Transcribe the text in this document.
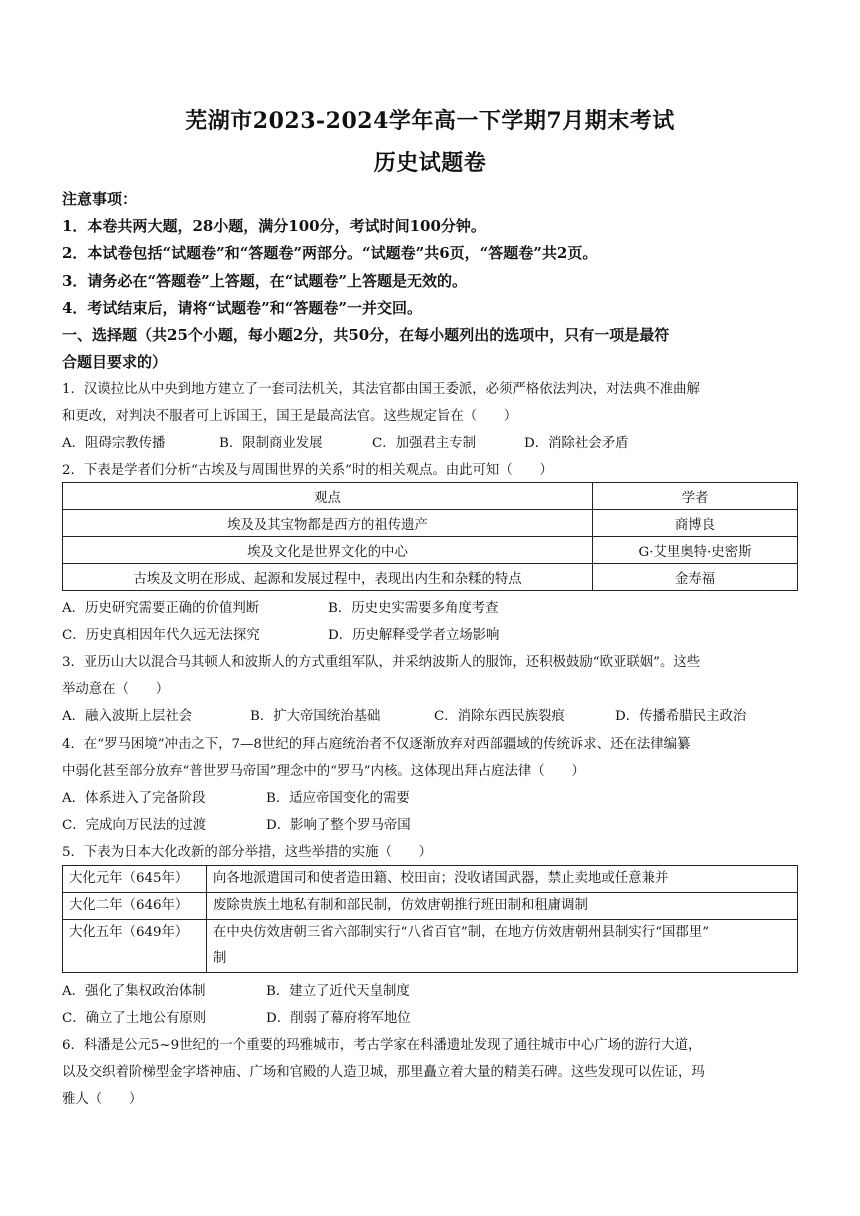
芜湖市2023-2024学年高一下学期7月期末考试
历史试题卷
注意事项：
1．本卷共两大题，28小题，满分100分，考试时间100分钟。
2．本试卷包括“试题卷”和“答题卷”两部分。“试题卷”共6页，“答题卷”共2页。
3．请务必在“答题卷”上答题，在“试题卷”上答题是无效的。
4．考试结束后，请将“试题卷”和“答题卷”一并交回。
一、选择题（共25个小题，每小题2分，共50分，在每小题列出的选项中，只有一项是最符
合题目要求的）
1．汉谟拉比从中央到地方建立了一套司法机关，其法官都由国王委派，必须严格依法判决，对法典不准曲解
和更改，对判决不服者可上诉国王，国王是最高法官。这些规定旨在（　　）
A．阻碍宗教传播	B．限制商业发展	C．加强君主专制	D．消除社会矛盾
2．下表是学者们分析“古埃及与周围世界的关系”时的相关观点。由此可知（　　）
观点	学者
埃及及其宝物都是西方的祖传遗产	商博良
埃及文化是世界文化的中心	G·艾里奥特·史密斯
古埃及文明在形成、起源和发展过程中，表现出内生和杂糅的特点	金寿福
A．历史研究需要正确的价值判断	B．历史史实需要多角度考查
C．历史真相因年代久远无法探究	D．历史解释受学者立场影响
3．亚历山大以混合马其顿人和波斯人的方式重组军队，并采纳波斯人的服饰，还积极鼓励“欧亚联姻”。这些
举动意在（　　）
A．融入波斯上层社会	B．扩大帝国统治基础	C．消除东西民族裂痕	D．传播希腊民主政治
4．在“罗马困境”冲击之下，7—8世纪的拜占庭统治者不仅逐渐放弃对西部疆域的传统诉求、还在法律编纂
中弱化甚至部分放弃“普世罗马帝国”理念中的“罗马”内核。这体现出拜占庭法律（　　）
A．体系进入了完备阶段	B．适应帝国变化的需要
C．完成向万民法的过渡	D．影响了整个罗马帝国
5．下表为日本大化改新的部分举措，这些举措的实施（　　）
大化元年（645年）	向各地派遣国司和使者造田籍、校田亩；没收诸国武器，禁止卖地或任意兼并
大化二年（646年）	废除贵族土地私有制和部民制，仿效唐朝推行班田制和租庸调制
大化五年（649年）	在中央仿效唐朝三省六部制实行“八省百官”制，在地方仿效唐朝州县制实行“国郡里”
制
A．强化了集权政治体制	B．建立了近代天皇制度
C．确立了土地公有原则	D．削弱了幕府将军地位
6．科潘是公元5~9世纪的一个重要的玛雅城市，考古学家在科潘遗址发现了通往城市中心广场的游行大道，
以及交织着阶梯型金字塔神庙、广场和官殿的人造卫城，那里矗立着大量的精美石碑。这些发现可以佐证，玛
雅人（　　）
